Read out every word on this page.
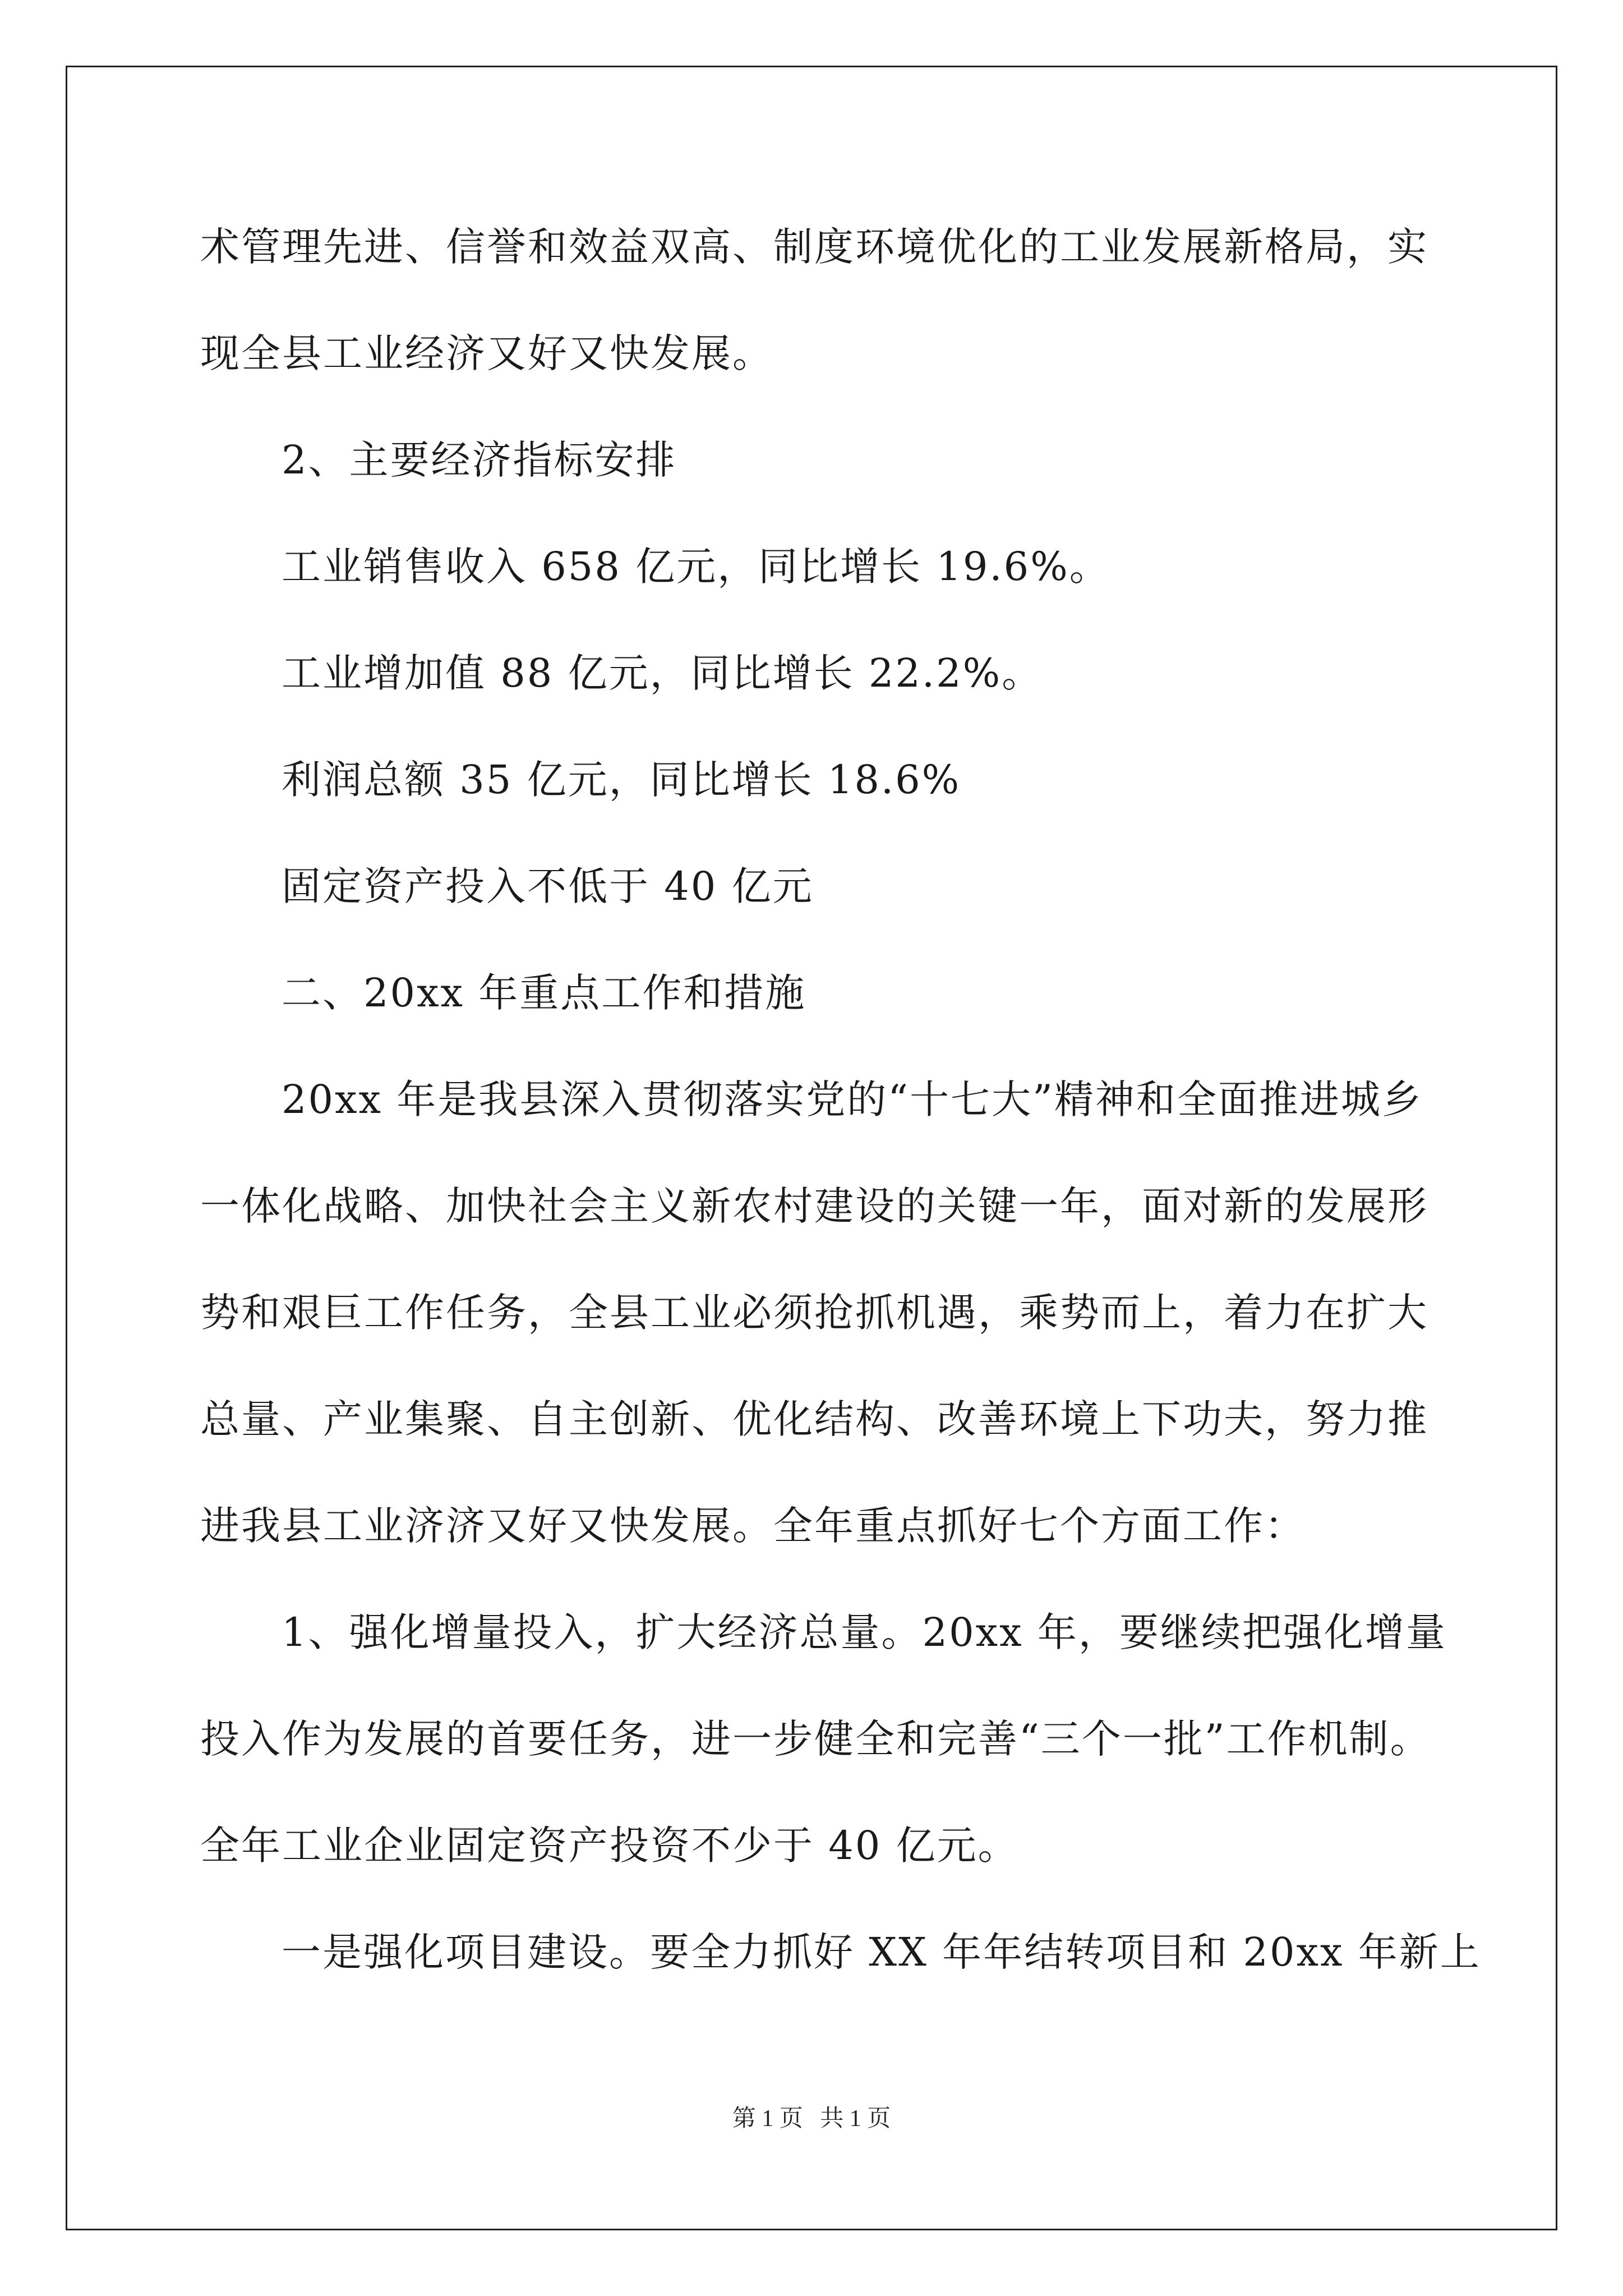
术管理先进、信誉和效益双高、制度环境优化的工业发展新格局，实
现全县工业经济又好又快发展。
2、主要经济指标安排
工业销售收入 658 亿元，同比增长 19.6%。
工业增加值 88 亿元，同比增长 22.2%。
利润总额 35 亿元，同比增长 18.6%
固定资产投入不低于 40 亿元
二、20xx 年重点工作和措施
20xx 年是我县深入贯彻落实党的“十七大”精神和全面推进城乡
一体化战略、加快社会主义新农村建设的关键一年，面对新的发展形
势和艰巨工作任务，全县工业必须抢抓机遇，乘势而上，着力在扩大
总量、产业集聚、自主创新、优化结构、改善环境上下功夫，努力推
进我县工业济济又好又快发展。全年重点抓好七个方面工作：
1、强化增量投入，扩大经济总量。20xx 年，要继续把强化增量
投入作为发展的首要任务，进一步健全和完善“三个一批”工作机制。
全年工业企业固定资产投资不少于 40 亿元。
一是强化项目建设。要全力抓好 XX 年年结转项目和 20xx 年新上
第 1 页 共 1 页
